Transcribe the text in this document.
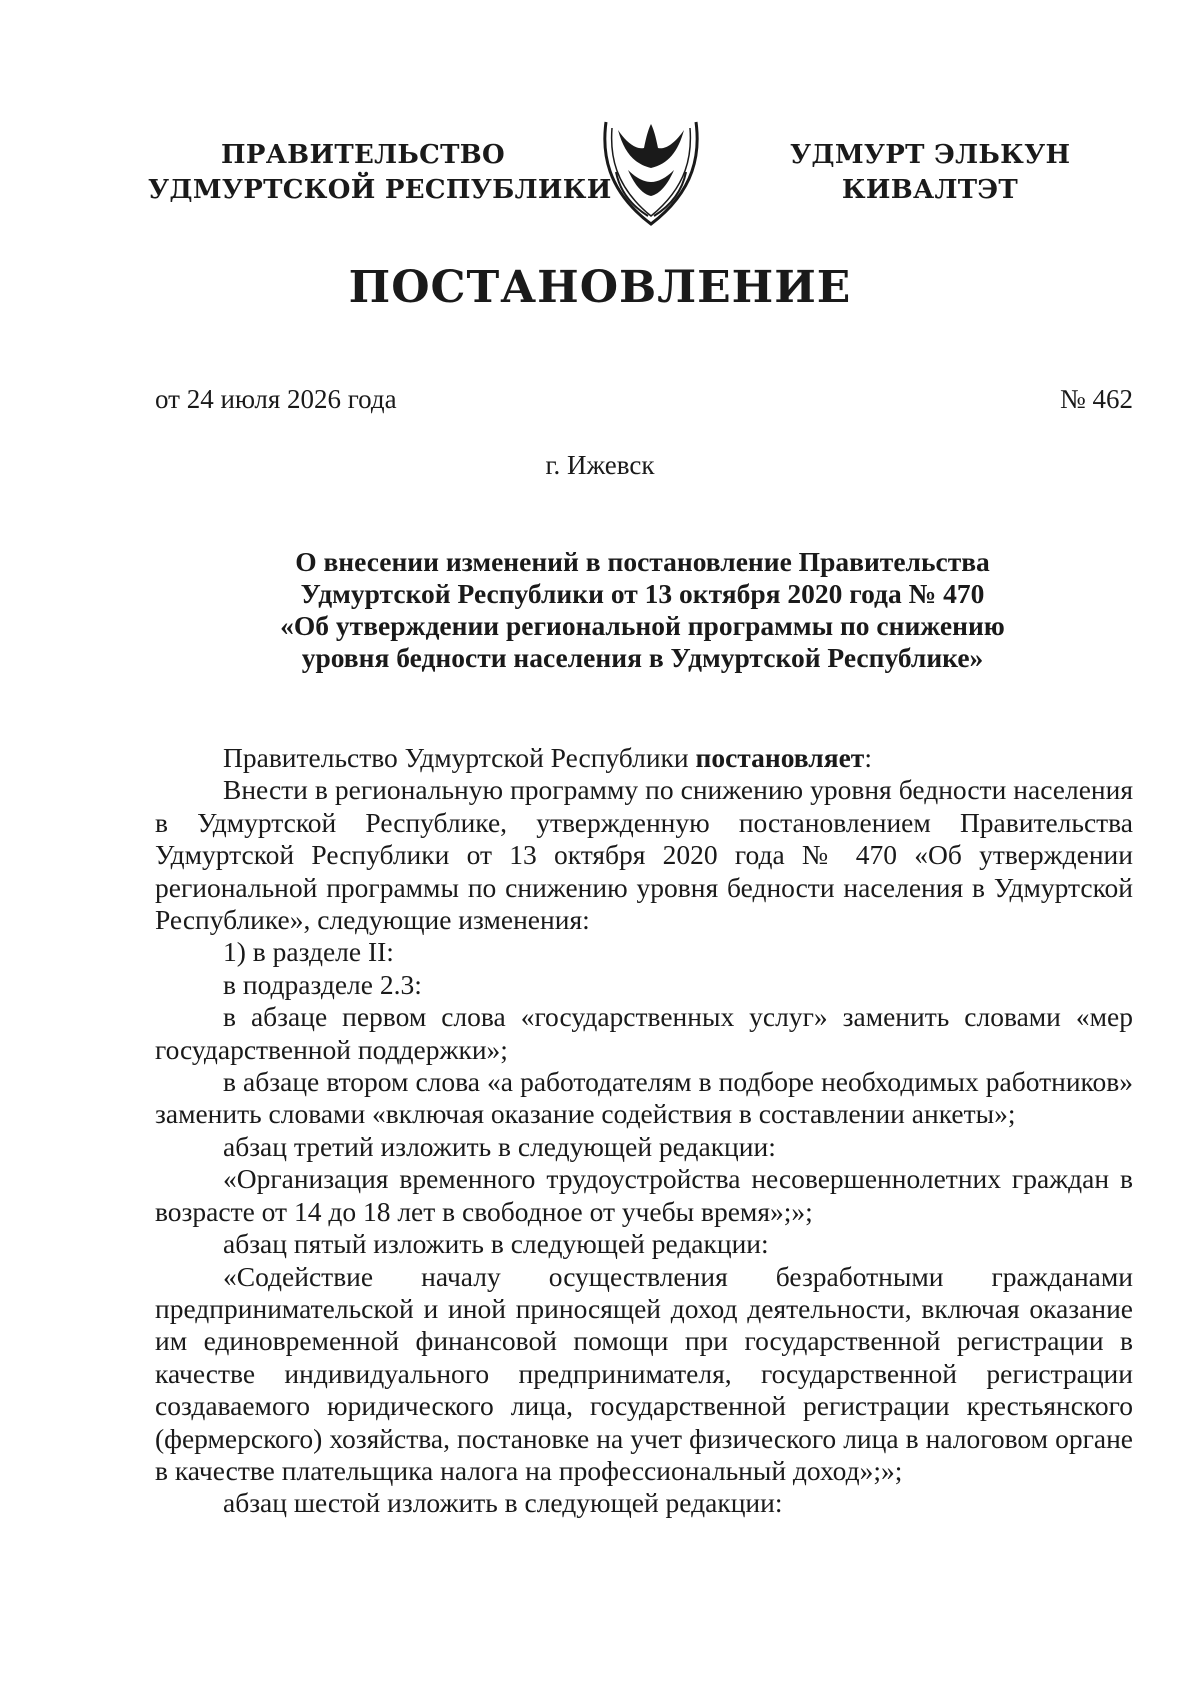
ПРАВИТЕЛЬСТВО
УДМУРТСКОЙ РЕСПУБЛИКИ
УДМУРТ ЭЛЬКУН
КИВАЛТЭТ
ПОСТАНОВЛЕНИЕ
от 24 июля 2026 года	№ 462
г. Ижевск
О внесении изменений в постановление Правительства
Удмуртской Республики от 13 октября 2020 года № 470
«Об утверждении региональной программы по снижению
уровня бедности населения в Удмуртской Республике»

Правительство Удмуртской Республики постановляет:

Внести в региональную программу по снижению уровня бедности населения в Удмуртской Республике, утвержденную постановлением Правительства Удмуртской Республики от 13 октября 2020 года № 470 «Об утверждении региональной программы по снижению уровня бедности населения в Удмуртской Республике», следующие изменения:

1) в разделе II:

в подразделе 2.3:

в абзаце первом слова «государственных услуг» заменить словами «мер государственной поддержки»;

в абзаце втором слова «а работодателям в подборе необходимых работников» заменить словами «включая оказание содействия в составлении анкеты»;

абзац третий изложить в следующей редакции:

«Организация временного трудоустройства несовершеннолетних граждан в возрасте от 14 до 18 лет в свободное от учебы время»;»;

абзац пятый изложить в следующей редакции:

«Содействие началу осуществления безработными гражданами предпринимательской и иной приносящей доход деятельности, включая оказание им единовременной финансовой помощи при государственной регистрации в качестве индивидуального предпринимателя, государственной регистрации создаваемого юридического лица, государственной регистрации крестьянского (фермерского) хозяйства, постановке на учет физического лица в налоговом органе в качестве плательщика налога на профессиональный доход»;»;

абзац шестой изложить в следующей редакции:
